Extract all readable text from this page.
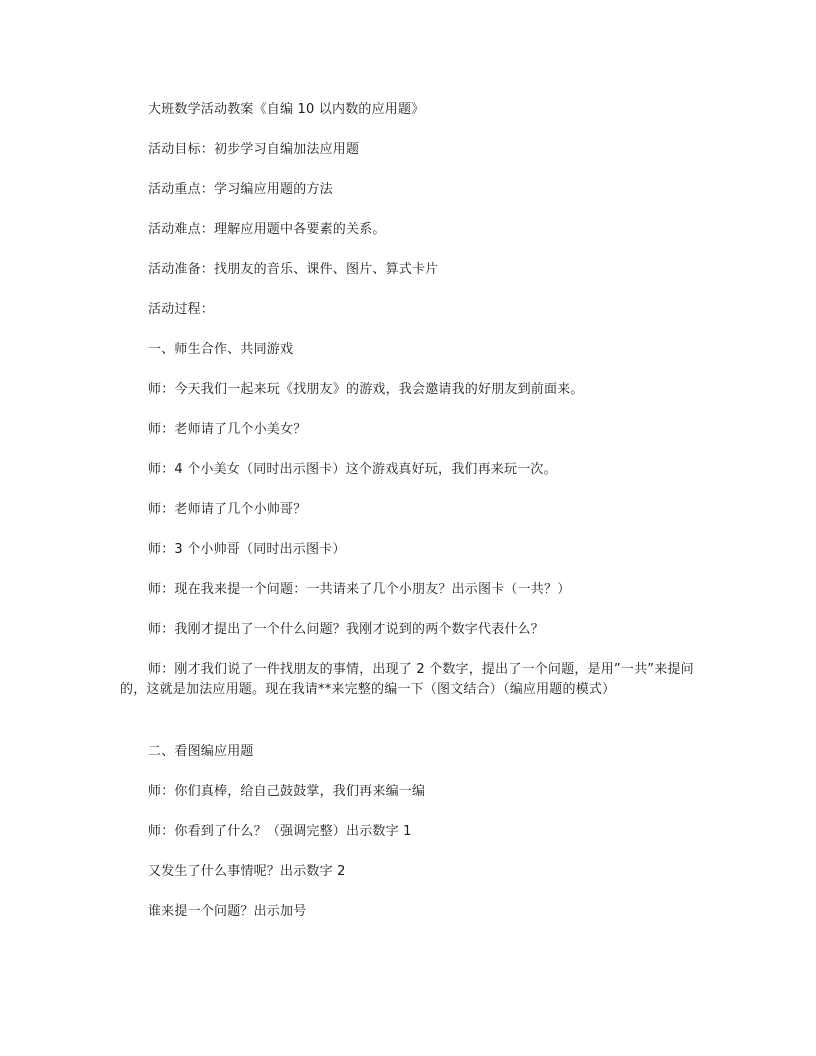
大班数学活动教案《自编 10 以内数的应用题》
活动目标：初步学习自编加法应用题
活动重点：学习编应用题的方法
活动难点：理解应用题中各要素的关系。
活动准备：找朋友的音乐、课件、图片、算式卡片
活动过程：
一、师生合作、共同游戏
师：今天我们一起来玩《找朋友》的游戏，我会邀请我的好朋友到前面来。
师：老师请了几个小美女？
师：4 个小美女（同时出示图卡）这个游戏真好玩，我们再来玩一次。
师：老师请了几个小帅哥？
师：3 个小帅哥（同时出示图卡）
师：现在我来提一个问题：一共请来了几个小朋友？出示图卡（一共？）
师：我刚才提出了一个什么问题？我刚才说到的两个数字代表什么？
师：刚才我们说了一件找朋友的事情，出现了 2 个数字，提出了一个问题，是用”一共”来提问的，这就是加法应用题。现在我请**来完整的编一下（图文结合）（编应用题的模式）
二、看图编应用题
师：你们真棒，给自己鼓鼓掌，我们再来编一编
师：你看到了什么？（强调完整）出示数字 1
又发生了什么事情呢？出示数字 2
谁来提一个问题？出示加号
